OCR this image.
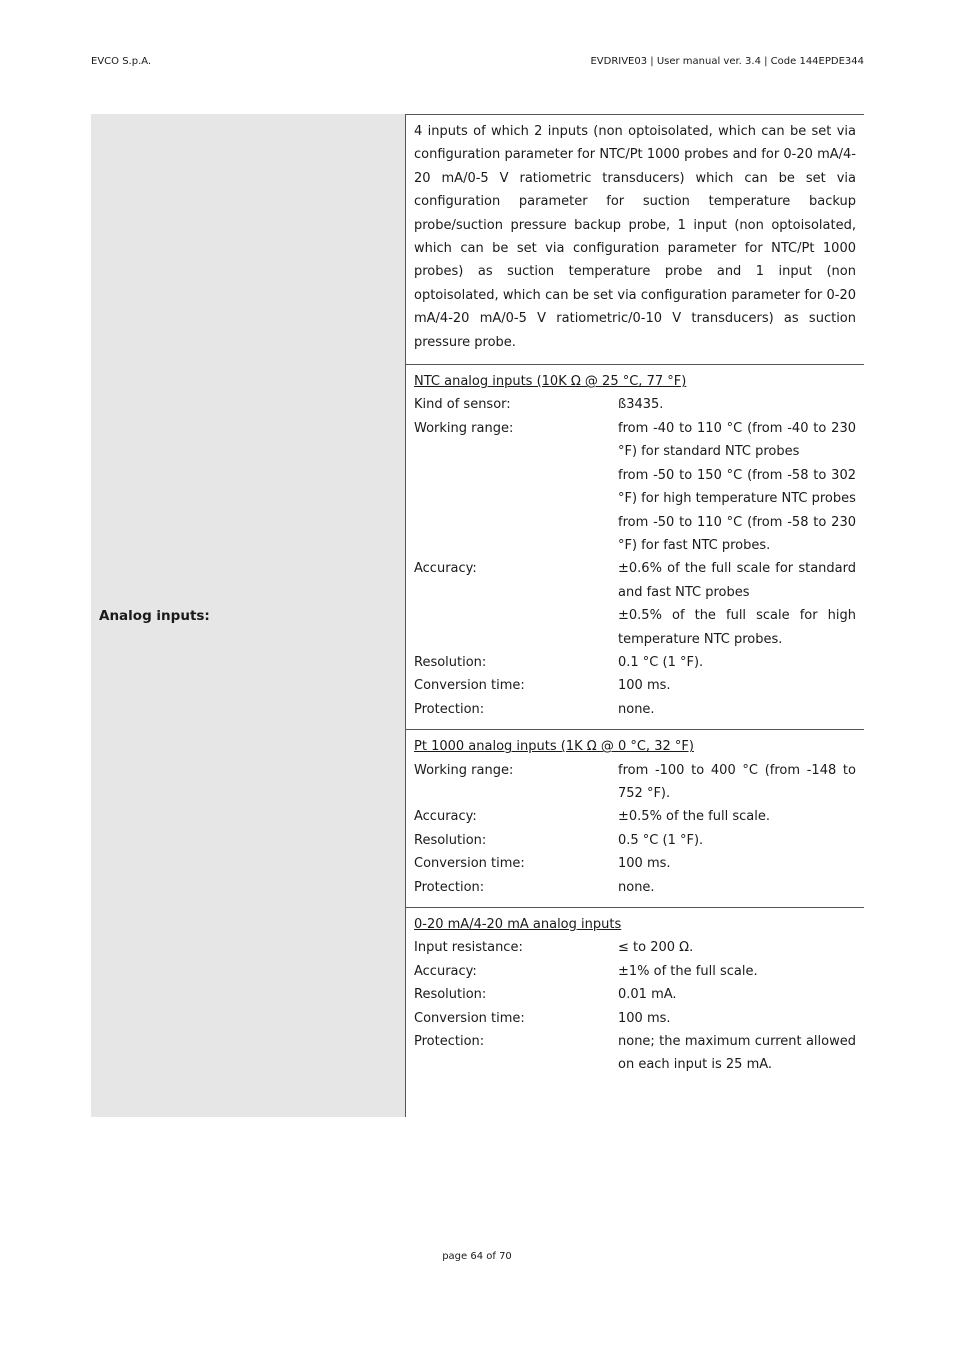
EVCO S.p.A.	EVDRIVE03 | User manual ver. 3.4 | Code 144EPDE344
Analog inputs:
4 inputs of which 2 inputs (non optoisolated, which can be set via configuration parameter for NTC/Pt 1000 probes and for 0-20 mA/4-20 mA/0-5 V ratiometric transducers) which can be set via configuration parameter for suction temperature backup probe/suction pressure backup probe, 1 input (non optoisolated, which can be set via configuration parameter for NTC/Pt 1000 probes) as suction temperature probe and 1 input (non optoisolated, which can be set via configuration parameter for 0-20 mA/4-20 mA/0-5 V ratiometric/0-10 V transducers) as suction pressure probe.
NTC analog inputs (10K Ω @ 25 °C, 77 °F)
Kind of sensor:	ß3435.
Working range:	from -40 to 110 °C (from -40 to 230 °F) for standard NTC probes
from -50 to 150 °C (from -58 to 302 °F) for high temperature NTC probes
from -50 to 110 °C (from -58 to 230 °F) for fast NTC probes.
Accuracy:	±0.6% of the full scale for standard and fast NTC probes
±0.5% of the full scale for high temperature NTC probes.
Resolution:	0.1 °C (1 °F).
Conversion time:	100 ms.
Protection:	none.
Pt 1000 analog inputs (1K Ω @ 0 °C, 32 °F)
Working range:	from -100 to 400 °C (from -148 to 752 °F).
Accuracy:	±0.5% of the full scale.
Resolution:	0.5 °C (1 °F).
Conversion time:	100 ms.
Protection:	none.
0-20 mA/4-20 mA analog inputs
Input resistance:	≤ to 200 Ω.
Accuracy:	±1% of the full scale.
Resolution:	0.01 mA.
Conversion time:	100 ms.
Protection:	none; the maximum current allowed on each input is 25 mA.
page 64 of 70
